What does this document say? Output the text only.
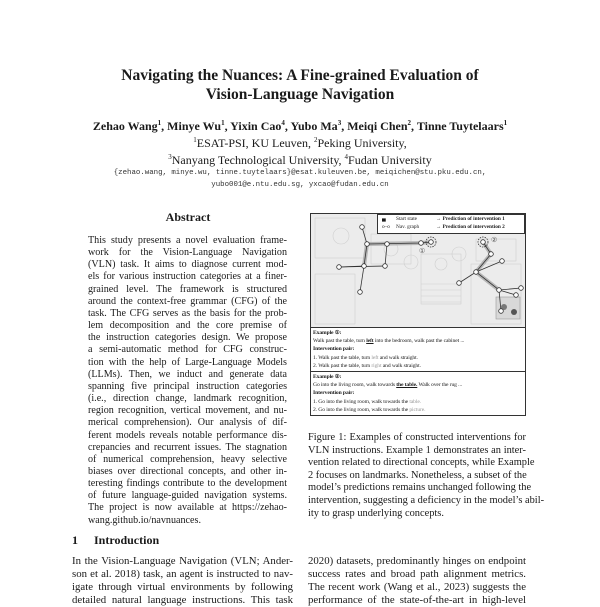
Navigating the Nuances: A Fine-grained Evaluation of
Vision-Language Navigation
Zehao Wang$^1$, Minye Wu$^1$, Yixin Cao$^4$, Yubo Ma$^3$, Meiqi Chen$^2$, Tinne Tuytelaars$^1$
$^1$ESAT-PSI, KU Leuven, $^2$Peking University,
$^3$Nanyang Technological University, $^4$Fudan University
{zehao.wang, minye.wu, tinne.tuytelaars}@esat.kuleuven.be, meiqichen@stu.pku.edu.cn,
yubo001@e.ntu.edu.sg, yxcao@fudan.edu.cn
Abstract
This study presents a novel evaluation frame-
work for the Vision-Language Navigation
(VLN) task. It aims to diagnose current mod-
els for various instruction categories at a finer-
grained level. The framework is structured
around the context-free grammar (CFG) of the
task. The CFG serves as the basis for the prob-
lem decomposition and the core premise of
the instruction categories design. We propose
a semi-automatic method for CFG construc-
tion with the help of Large-Language Models
(LLMs). Then, we induct and generate data
spanning five principal instruction categories
(i.e., direction change, landmark recognition,
region recognition, vertical movement, and nu-
merical comprehension). Our analysis of dif-
ferent models reveals notable performance dis-
crepancies and recurrent issues. The stagnation
of numerical comprehension, heavy selective
biases over directional concepts, and other in-
teresting findings contribute to the development
of future language-guided navigation systems.
The project is now available at https://zehao-
wang.github.io/navnuances.
1 Introduction
In the Vision-Language Navigation (VLN; Ander-
son et al. 2018) task, an agent is instructed to nav-
igate through virtual environments by following
detailed natural language instructions. This task
▄	Start state	→ Prediction of intervention 1
o–o	Nav. graph	→ Prediction of intervention 2
①
②
Example ①:
Walk past the table, turn left into the bedroom, walk past the cabinet ...
Intervention pair:
1. Walk past the table, turn left and walk straight.
2. Walk past the table, turn right and walk straight.
Example ②:
Go into the living room, walk towards the table. Walk over the rug ...
Intervention pair:
1. Go into the living room, walk towards the table.
2. Go into the living room, walk towards the picture.
Figure 1: Examples of constructed interventions for
VLN instructions. Example 1 demonstrates an inter-
vention related to directional concepts, while Example
2 focuses on landmarks. Nonetheless, a subset of the
model’s predictions remains unchanged following the
intervention, suggesting a deficiency in the model’s abil-
ity to grasp underlying concepts.
2020) datasets, predominantly hinges on endpoint
success rates and broad path alignment metrics.
The recent work (Wang et al., 2023) suggests the
performance of the state-of-the-art in high-level
